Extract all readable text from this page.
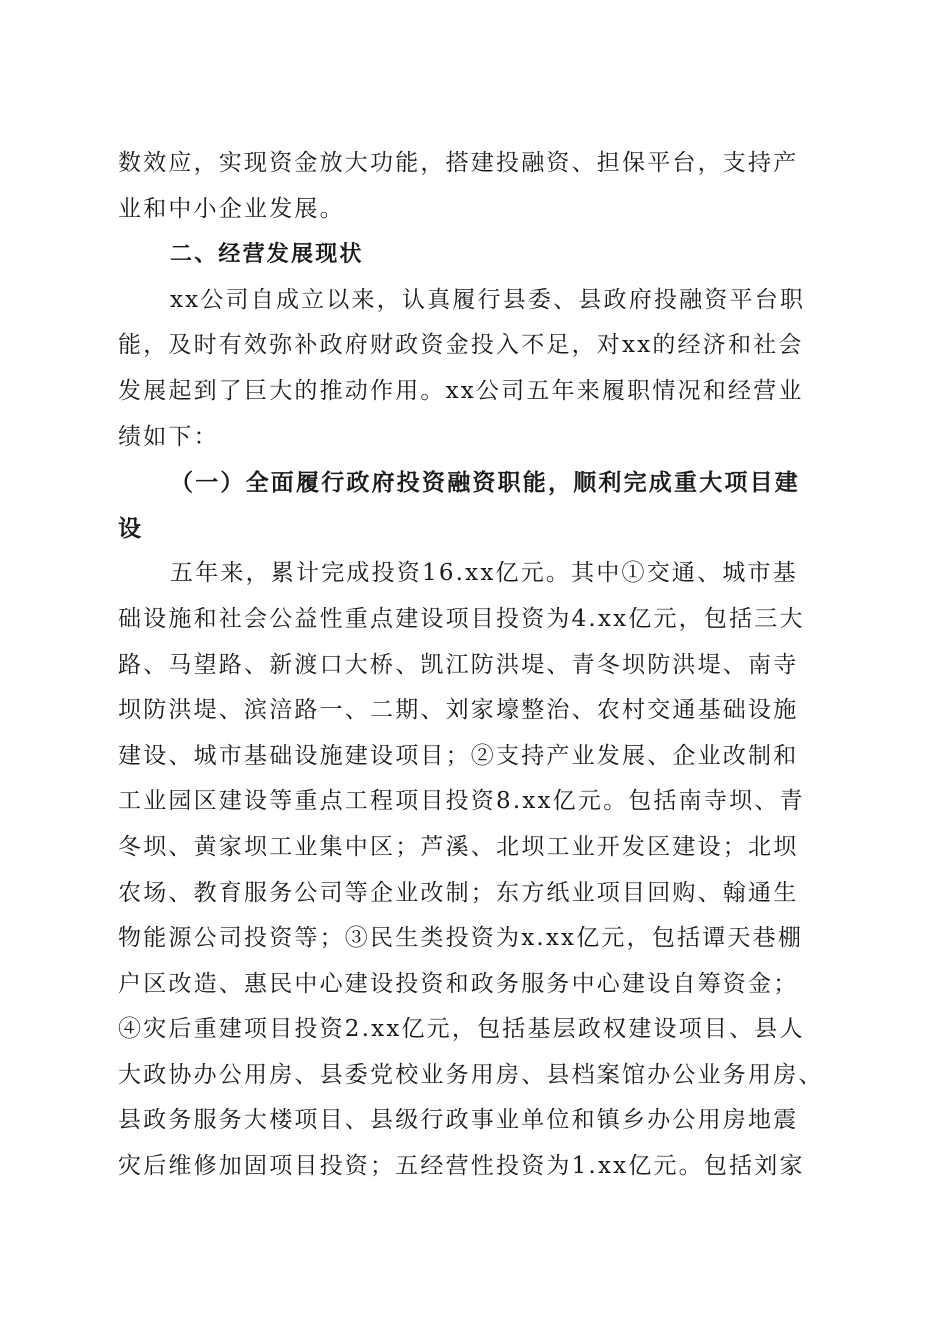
数效应，实现资金放大功能，搭建投融资、担保平台，支持产
业和中小企业发展。
二、经营发展现状
xx公司自成立以来，认真履行县委、县政府投融资平台职
能，及时有效弥补政府财政资金投入不足，对xx的经济和社会
发展起到了巨大的推动作用。xx公司五年来履职情况和经营业
绩如下：
（一）全面履行政府投资融资职能，顺利完成重大项目建
设
五年来，累计完成投资16.xx亿元。其中①交通、城市基
础设施和社会公益性重点建设项目投资为4.xx亿元，包括三大
路、马望路、新渡口大桥、凯江防洪堤、青冬坝防洪堤、南寺
坝防洪堤、滨涪路一、二期、刘家壕整治、农村交通基础设施
建设、城市基础设施建设项目；②支持产业发展、企业改制和
工业园区建设等重点工程项目投资8.xx亿元。包括南寺坝、青
冬坝、黄家坝工业集中区；芦溪、北坝工业开发区建设；北坝
农场、教育服务公司等企业改制；东方纸业项目回购、翰通生
物能源公司投资等；③民生类投资为x.xx亿元，包括谭天巷棚
户区改造、惠民中心建设投资和政务服务中心建设自筹资金；
④灾后重建项目投资2.xx亿元，包括基层政权建设项目、县人
大政协办公用房、县委党校业务用房、县档案馆办公业务用房、
县政务服务大楼项目、县级行政事业单位和镇乡办公用房地震
灾后维修加固项目投资；五经营性投资为1.xx亿元。包括刘家
